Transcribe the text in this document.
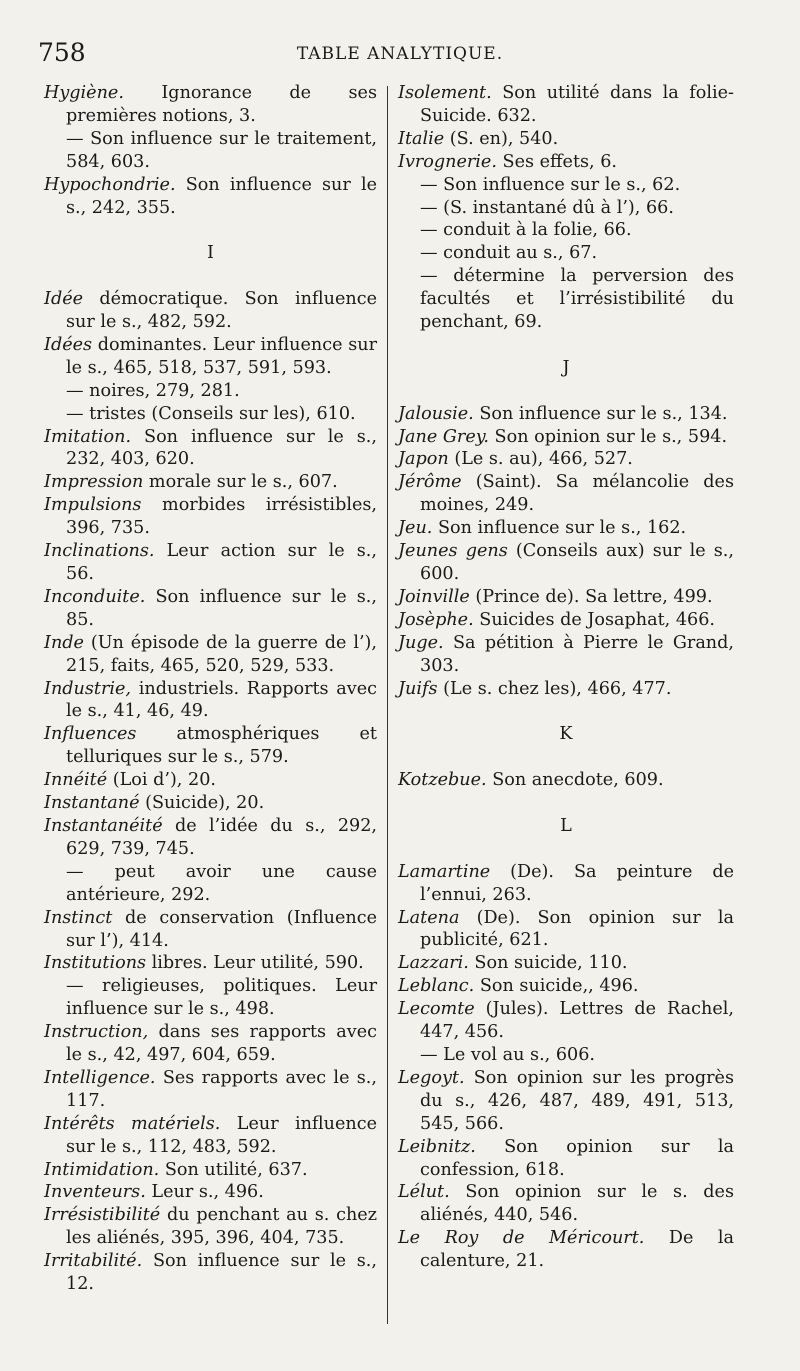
758	TABLE ANALYTIQUE.

Hygiène. Ignorance de ses premières notions, 3.

— Son influence sur le traitement, 584, 603.

Hypochondrie. Son influence sur le s., 242, 355.

I

Idée démocratique. Son influence sur le s., 482, 592.

Idées dominantes. Leur influence sur le s., 465, 518, 537, 591, 593.

— noires, 279, 281.

— tristes (Conseils sur les), 610.

Imitation. Son influence sur le s., 232, 403, 620.

Impression morale sur le s., 607.

Impulsions morbides irrésistibles, 396, 735.

Inclinations. Leur action sur le s., 56.

Inconduite. Son influence sur le s., 85.

Inde (Un épisode de la guerre de l’), 215, faits, 465, 520, 529, 533.

Industrie, industriels. Rapports avec le s., 41, 46, 49.

Influences atmosphériques et telluriques sur le s., 579.

Innéité (Loi d’), 20.

Instantané (Suicide), 20.

Instantanéité de l’idée du s., 292, 629, 739, 745.

— peut avoir une cause antérieure, 292.

Instinct de conservation (Influence sur l’), 414.

Institutions libres. Leur utilité, 590.

— religieuses, politiques. Leur influence sur le s., 498.

Instruction, dans ses rapports avec le s., 42, 497, 604, 659.

Intelligence. Ses rapports avec le s., 117.

Intérêts matériels. Leur influence sur le s., 112, 483, 592.

Intimidation. Son utilité, 637.

Inventeurs. Leur s., 496.

Irrésistibilité du penchant au s. chez les aliénés, 395, 396, 404, 735.

Irritabilité. Son influence sur le s., 12.

Isolement. Son utilité dans la folie-Suicide. 632.

Italie (S. en), 540.

Ivrognerie. Ses effets, 6.

— Son influence sur le s., 62.

— (S. instantané dû à l’), 66.

— conduit à la folie, 66.

— conduit au s., 67.

— détermine la perversion des facultés et l’irrésistibilité du penchant, 69.

J

Jalousie. Son influence sur le s., 134.

Jane Grey. Son opinion sur le s., 594.

Japon (Le s. au), 466, 527.

Jérôme (Saint). Sa mélancolie des moines, 249.

Jeu. Son influence sur le s., 162.

Jeunes gens (Conseils aux) sur le s., 600.

Joinville (Prince de). Sa lettre, 499.

Josèphe. Suicides de Josaphat, 466.

Juge. Sa pétition à Pierre le Grand, 303.

Juifs (Le s. chez les), 466, 477.

K

Kotzebue. Son anecdote, 609.

L

Lamartine (De). Sa peinture de l’ennui, 263.

Latena (De). Son opinion sur la publicité, 621.

Lazzari. Son suicide, 110.

Leblanc. Son suicide,, 496.

Lecomte (Jules). Lettres de Rachel, 447, 456.

— Le vol au s., 606.

Legoyt. Son opinion sur les progrès du s., 426, 487, 489, 491, 513, 545, 566.

Leibnitz. Son opinion sur la confession, 618.

Lélut. Son opinion sur le s. des aliénés, 440, 546.

Le Roy de Méricourt. De la calenture, 21.
